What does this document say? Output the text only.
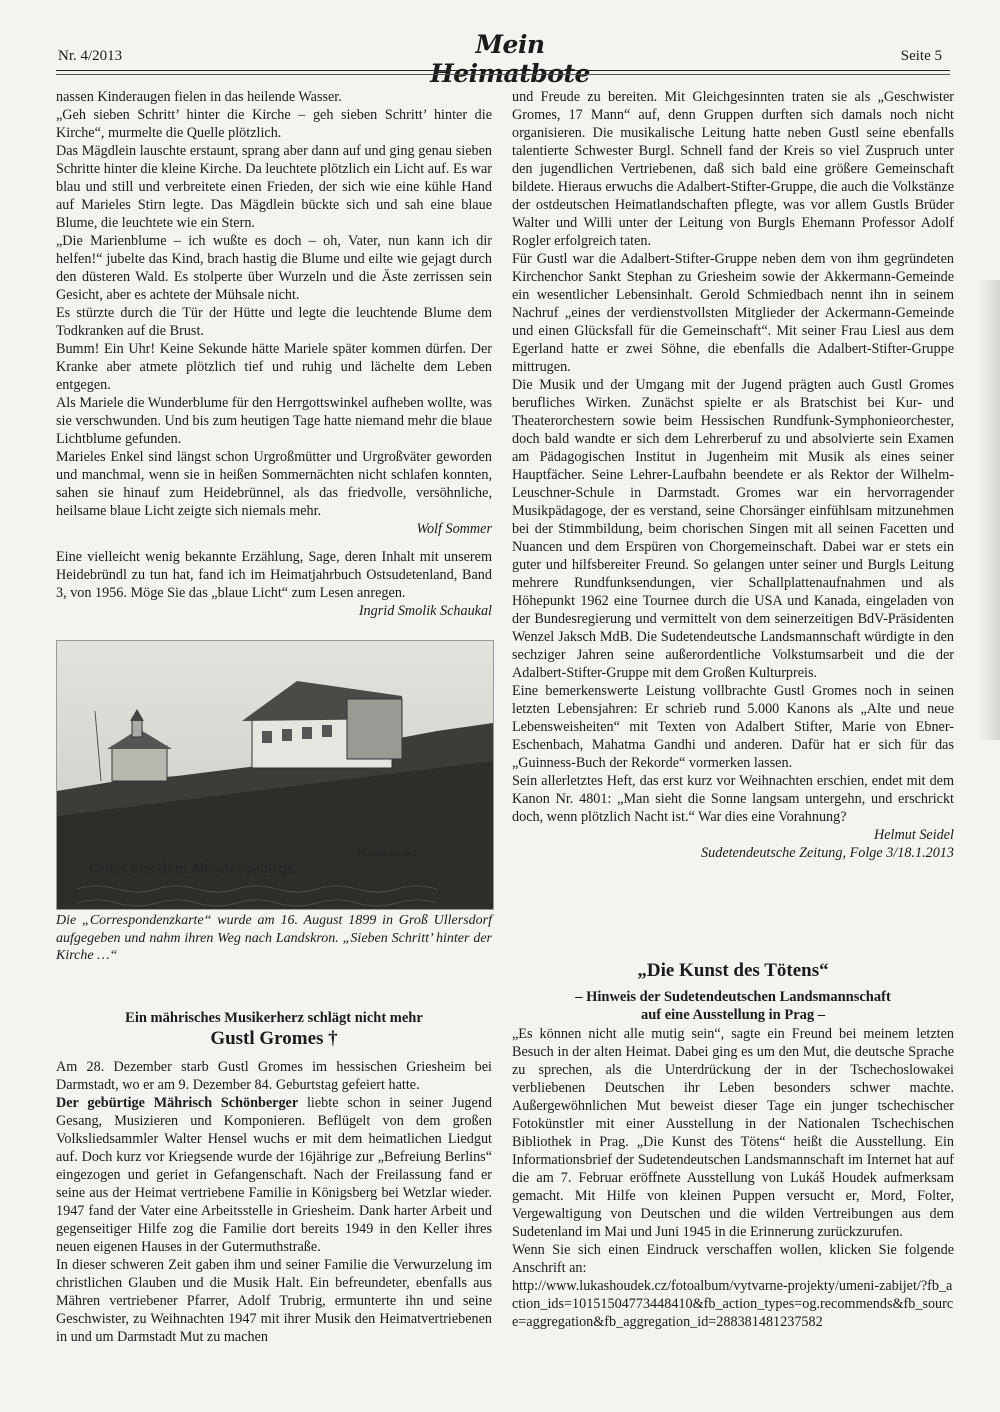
Nr. 4/2013	Mein Heimatbote
Seite 5

nassen Kinderaugen fielen in das heilende Wasser.

„Geh sieben Schritt’ hinter die Kirche – geh sieben Schritt’ hinter die Kirche“, murmelte die Quelle plötzlich.

Das Mägdlein lauschte erstaunt, sprang aber dann auf und ging genau sieben Schritte hinter die kleine Kirche. Da leuchtete plötzlich ein Licht auf. Es war blau und still und verbreitete einen Frieden, der sich wie eine kühle Hand auf Marieles Stirn legte. Das Mägdlein bückte sich und sah eine blaue Blume, die leuchtete wie ein Stern.

„Die Marienblume – ich wußte es doch – oh, Vater, nun kann ich dir helfen!“ jubelte das Kind, brach hastig die Blume und eilte wie gejagt durch den düsteren Wald. Es stolperte über Wurzeln und die Äste zerrissen sein Gesicht, aber es achtete der Mühsale nicht.

Es stürzte durch die Tür der Hütte und legte die leuchtende Blume dem Todkranken auf die Brust.

Bumm! Ein Uhr! Keine Sekunde hätte Mariele später kommen dürfen. Der Kranke aber atmete plötzlich tief und ruhig und lächelte dem Leben entgegen.

Als Mariele die Wunderblume für den Herrgottswinkel aufheben wollte, was sie verschwunden. Und bis zum heutigen Tage hatte niemand mehr die blaue Lichtblume gefunden.

Marieles Enkel sind längst schon Urgroßmütter und Urgroßväter geworden und manchmal, wenn sie in heißen Sommernächten nicht schlafen konnten, sahen sie hinauf zum Heidebrünnel, als das friedvolle, versöhnliche, heilsame blaue Licht zeigte sich niemals mehr.

Wolf Sommer

Eine vielleicht wenig bekannte Erzählung, Sage, deren Inhalt mit unserem Heidebründl zu tun hat, fand ich im Heimatjahrbuch Ostsudetenland, Band 3, von 1956. Möge Sie das „blaue Licht“ zum Lesen anregen.

Ingrid Smolik Schaukal

Haidebrünnel.
Gruss aus dem Altvatergebirge.
Die „Correspondenzkarte“ wurde am 16. August 1899 in Groß Ullersdorf aufgegeben und nahm ihren Weg nach Landskron. „Sieben Schritt’ hinter der Kirche …“
Ein mährisches Musikerherz schlägt nicht mehr
Gustl Gromes †

Am 28. Dezember starb Gustl Gromes im hessischen Griesheim bei Darmstadt, wo er am 9. Dezember 84. Geburtstag gefeiert hatte.

Der gebürtige Mährisch Schönberger liebte schon in seiner Jugend Gesang, Musizieren und Komponieren. Beflügelt von dem großen Volksliedsammler Walter Hensel wuchs er mit dem heimatlichen Liedgut auf. Doch kurz vor Kriegsende wurde der 16jährige zur „Befreiung Berlins“ eingezogen und geriet in Gefangenschaft. Nach der Freilassung fand er seine aus der Heimat vertriebene Familie in Königsberg bei Wetzlar wieder. 1947 fand der Vater eine Arbeitsstelle in Griesheim. Dank harter Arbeit und gegenseitiger Hilfe zog die Familie dort bereits 1949 in den Keller ihres neuen eigenen Hauses in der Gutermuthstraße.

In dieser schweren Zeit gaben ihm und seiner Familie die Verwurzelung im christlichen Glauben und die Musik Halt. Ein befreundeter, ebenfalls aus Mähren vertriebener Pfarrer, Adolf Trubrig, ermunterte ihn und seine Geschwister, zu Weihnachten 1947 mit ihrer Musik den Heimatvertriebenen in und um Darmstadt Mut zu machen

und Freude zu bereiten. Mit Gleichgesinnten traten sie als „Geschwister Gromes, 17 Mann“ auf, denn Gruppen durften sich damals noch nicht organisieren. Die musikalische Leitung hatte neben Gustl seine ebenfalls talentierte Schwester Burgl. Schnell fand der Kreis so viel Zuspruch unter den jugendlichen Vertriebenen, daß sich bald eine größere Gemeinschaft bildete. Hieraus erwuchs die Adalbert-Stifter-Gruppe, die auch die Volkstänze der ostdeutschen Heimatlandschaften pflegte, was vor allem Gustls Brüder Walter und Willi unter der Leitung von Burgls Ehemann Professor Adolf Rogler erfolgreich taten.

Für Gustl war die Adalbert-Stifter-Gruppe neben dem von ihm gegründeten Kirchenchor Sankt Stephan zu Griesheim sowie der Akkermann-Gemeinde ein wesentlicher Lebensinhalt. Gerold Schmiedbach nennt ihn in seinem Nachruf „eines der verdienstvollsten Mitglieder der Ackermann-Gemeinde und einen Glücksfall für die Gemeinschaft“. Mit seiner Frau Liesl aus dem Egerland hatte er zwei Söhne, die ebenfalls die Adalbert-Stifter-Gruppe mittrugen.

Die Musik und der Umgang mit der Jugend prägten auch Gustl Gromes berufliches Wirken. Zunächst spielte er als Bratschist bei Kur- und Theaterorchestern sowie beim Hessischen Rundfunk-Symphonieorchester, doch bald wandte er sich dem Lehrerberuf zu und absolvierte sein Examen am Pädagogischen Institut in Jugenheim mit Musik als eines seiner Hauptfächer. Seine Lehrer-Laufbahn beendete er als Rektor der Wilhelm-Leuschner-Schule in Darmstadt. Gromes war ein hervorragender Musikpädagoge, der es verstand, seine Chorsänger einfühlsam mitzunehmen bei der Stimmbildung, beim chorischen Singen mit all seinen Facetten und Nuancen und dem Erspüren von Chorgemeinschaft. Dabei war er stets ein guter und hilfsbereiter Freund. So gelangen unter seiner und Burgls Leitung mehrere Rundfunksendungen, vier Schallplattenaufnahmen und als Höhepunkt 1962 eine Tournee durch die USA und Kanada, eingeladen von der Bundesregierung und vermittelt von dem seinerzeitigen BdV-Präsidenten Wenzel Jaksch MdB. Die Sudetendeutsche Landsmannschaft würdigte in den sechziger Jahren seine außerordentliche Volkstumsarbeit und die der Adalbert-Stifter-Gruppe mit dem Großen Kulturpreis.

Eine bemerkenswerte Leistung vollbrachte Gustl Gromes noch in seinen letzten Lebensjahren: Er schrieb rund 5.000 Kanons als „Alte und neue Lebensweisheiten“ mit Texten von Adalbert Stifter, Marie von Ebner-Eschenbach, Mahatma Gandhi und anderen. Dafür hat er sich für das „Guinness-Buch der Rekorde“ vormerken lassen.

Sein allerletztes Heft, das erst kurz vor Weihnachten erschien, endet mit dem Kanon Nr. 4801: „Man sieht die Sonne langsam untergehn, und erschrickt doch, wenn plötzlich Nacht ist.“ War dies eine Vorahnung?

Helmut Seidel

Sudetendeutsche Zeitung, Folge 3/18.1.2013

„Die Kunst des Tötens“
– Hinweis der Sudetendeutschen Landsmannschaft
auf eine Ausstellung in Prag –

„Es können nicht alle mutig sein“, sagte ein Freund bei meinem letzten Besuch in der alten Heimat. Dabei ging es um den Mut, die deutsche Sprache zu sprechen, als die Unterdrückung der in der Tschechoslowakei verbliebenen Deutschen ihr Leben besonders schwer machte. Außergewöhnlichen Mut beweist dieser Tage ein junger tschechischer Fotokünstler mit einer Ausstellung in der Nationalen Tschechischen Bibliothek in Prag. „Die Kunst des Tötens“ heißt die Ausstellung. Ein Informationsbrief der Sudetendeutschen Landsmannschaft im Internet hat auf die am 7. Februar eröffnete Ausstellung von Lukáš Houdek aufmerksam gemacht. Mit Hilfe von kleinen Puppen versucht er, Mord, Folter, Vergewaltigung von Deutschen und die wilden Vertreibungen aus dem Sudetenland im Mai und Juni 1945 in die Erinnerung zurückzurufen.

Wenn Sie sich einen Eindruck verschaffen wollen, klicken Sie folgende Anschrift an:

http://www.lukashoudek.cz/fotoalbum/vytvarne-projekty/umeni-zabijet/?fb_action_ids=10151504773448410&fb_action_types=og.recommends&fb_source=aggregation&fb_aggregation_id=288381481237582
